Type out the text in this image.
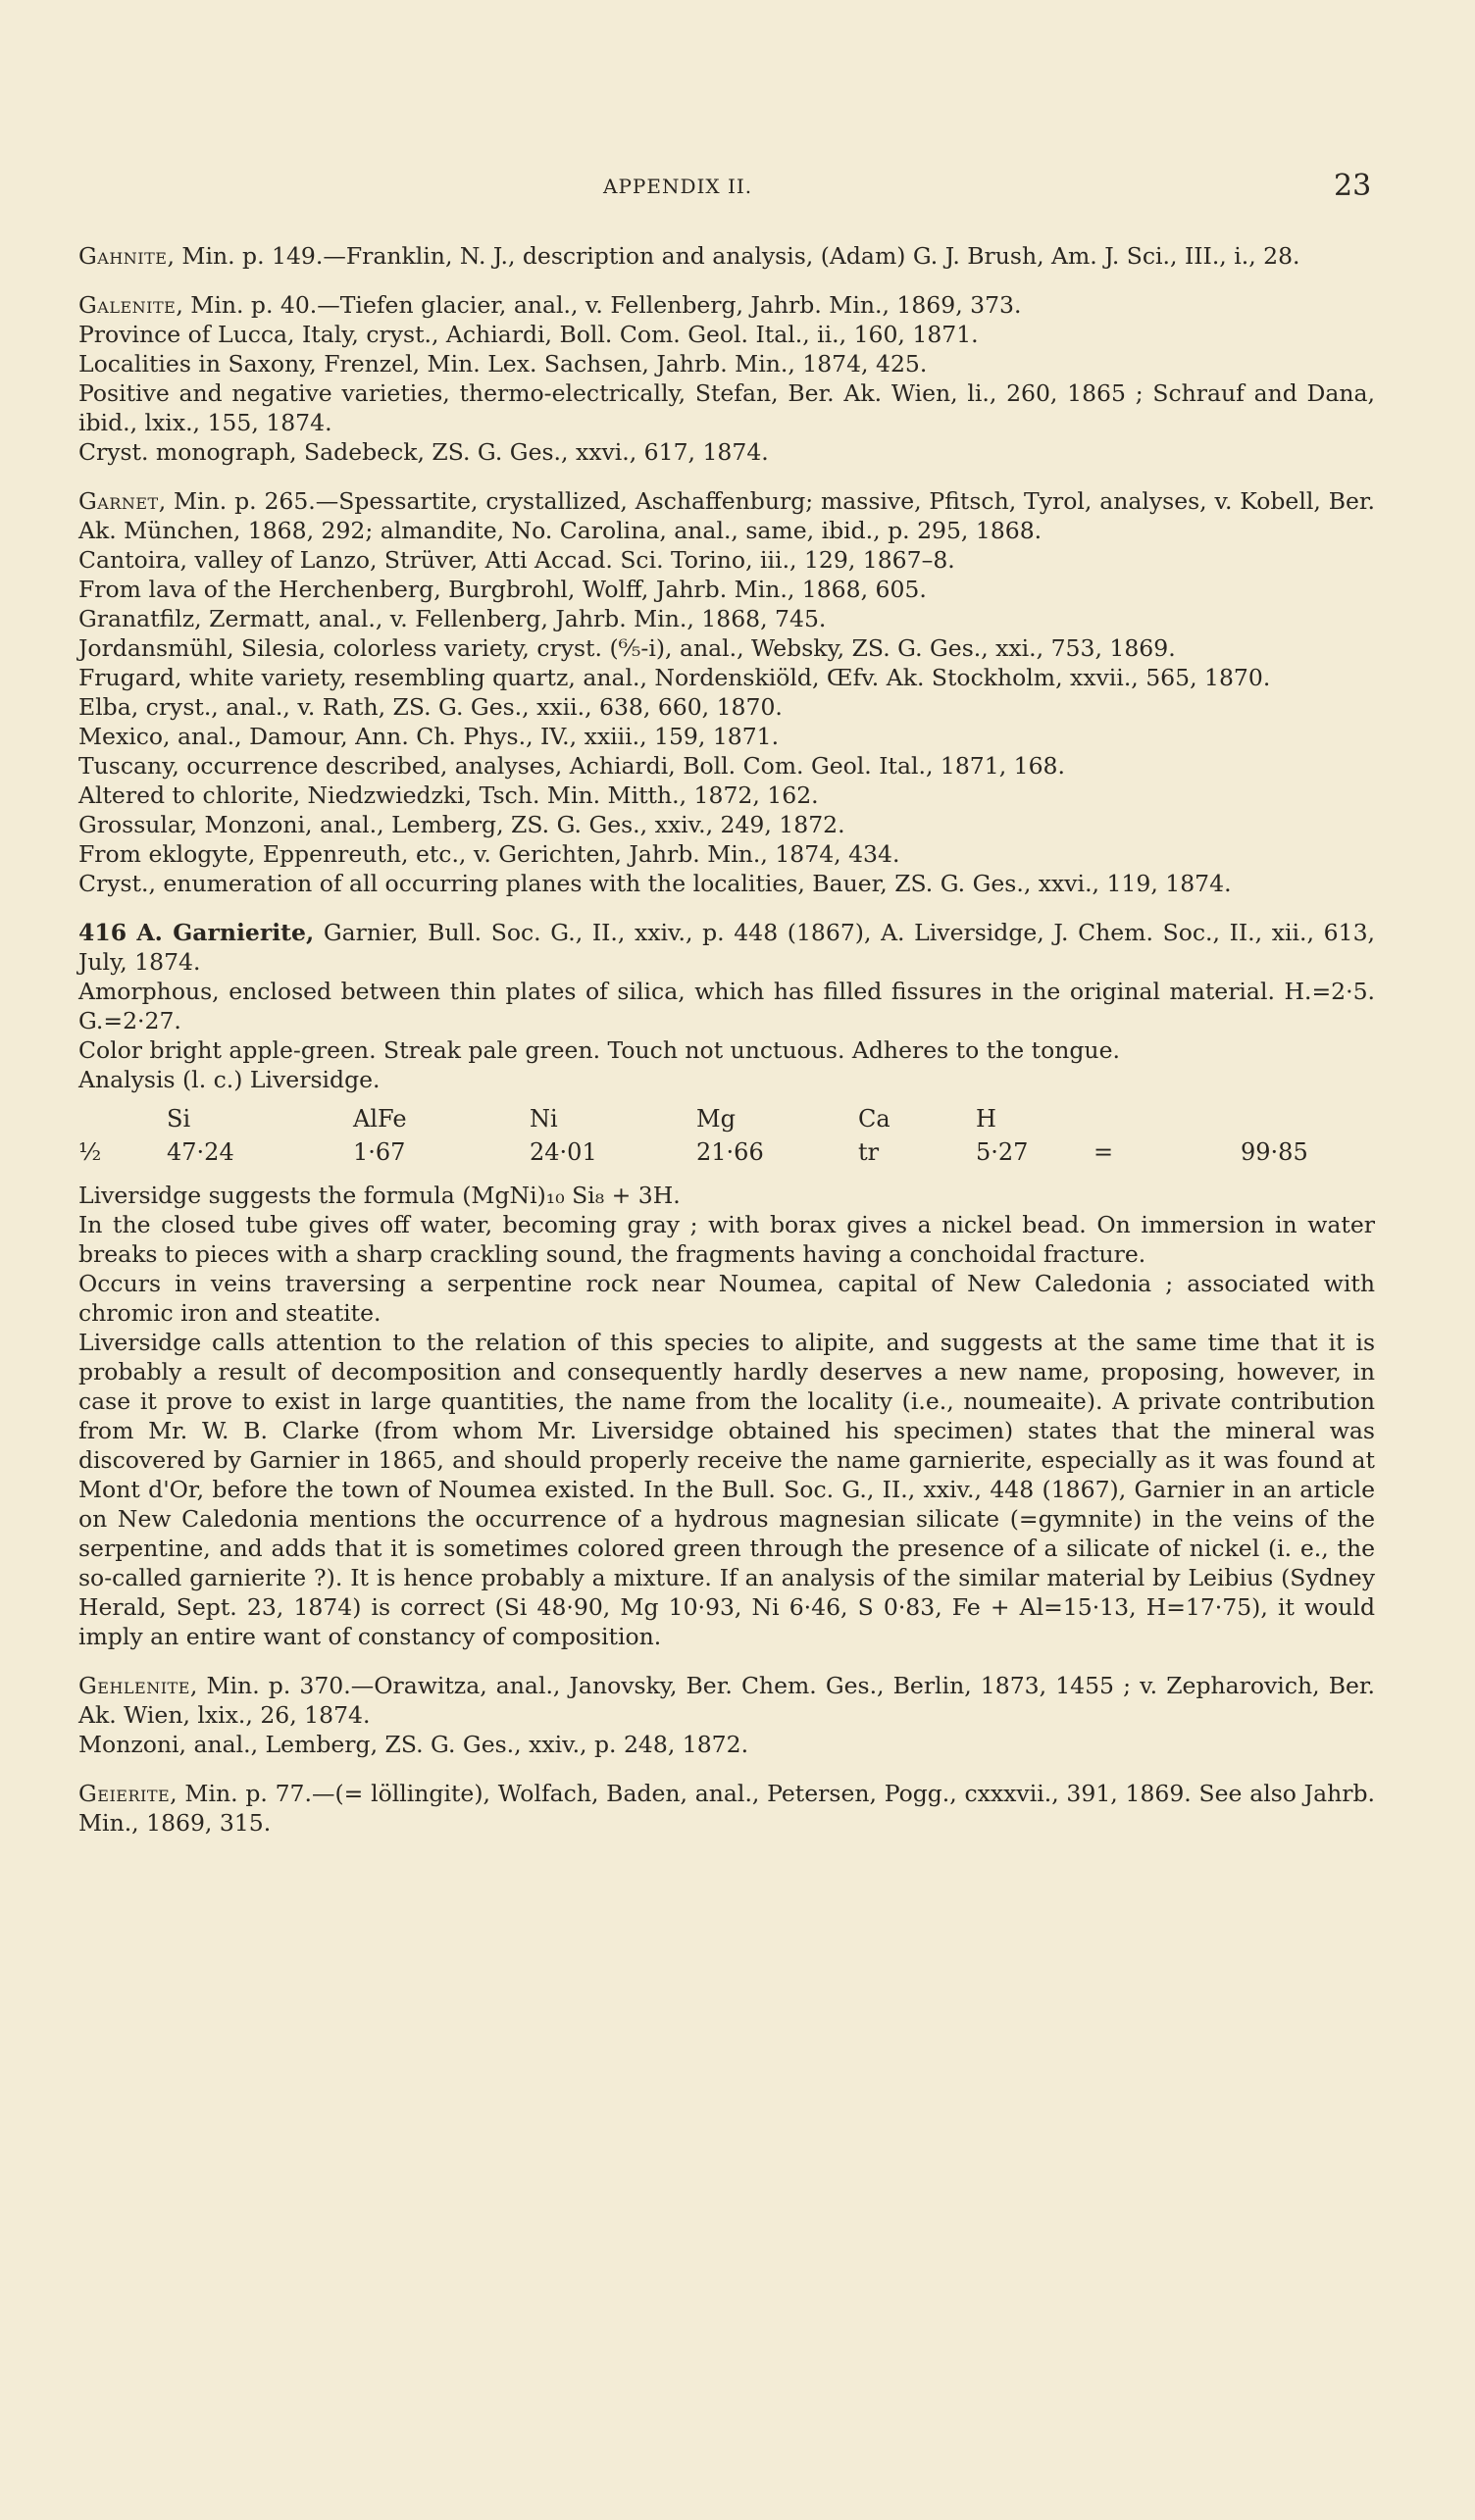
APPENDIX II.	23

Gahnite, Min. p. 149.—Franklin, N. J., description and analysis, (Adam) G. J. Brush, Am. J. Sci., III., i., 28.

Galenite, Min. p. 40.—Tiefen glacier, anal., v. Fellenberg, Jahrb. Min., 1869, 373.

Province of Lucca, Italy, cryst., Achiardi, Boll. Com. Geol. Ital., ii., 160, 1871.

Localities in Saxony, Frenzel, Min. Lex. Sachsen, Jahrb. Min., 1874, 425.

Positive and negative varieties, thermo-electrically, Stefan, Ber. Ak. Wien, li., 260, 1865 ; Schrauf and Dana, ibid., lxix., 155, 1874.

Cryst. monograph, Sadebeck, ZS. G. Ges., xxvi., 617, 1874.

Garnet, Min. p. 265.—Spessartite, crystallized, Aschaffenburg; massive, Pfitsch, Tyrol, analyses, v. Kobell, Ber. Ak. München, 1868, 292; almandite, No. Carolina, anal., same, ibid., p. 295, 1868.

Cantoira, valley of Lanzo, Strüver, Atti Accad. Sci. Torino, iii., 129, 1867–8.

From lava of the Herchenberg, Burgbrohl, Wolff, Jahrb. Min., 1868, 605.

Granatfilz, Zermatt, anal., v. Fellenberg, Jahrb. Min., 1868, 745.

Jordansmühl, Silesia, colorless variety, cryst. (⁶⁄₅-i), anal., Websky, ZS. G. Ges., xxi., 753, 1869.

Frugard, white variety, resembling quartz, anal., Nordenskiöld, Œfv. Ak. Stockholm, xxvii., 565, 1870.

Elba, cryst., anal., v. Rath, ZS. G. Ges., xxii., 638, 660, 1870.

Mexico, anal., Damour, Ann. Ch. Phys., IV., xxiii., 159, 1871.

Tuscany, occurrence described, analyses, Achiardi, Boll. Com. Geol. Ital., 1871, 168.

Altered to chlorite, Niedzwiedzki, Tsch. Min. Mitth., 1872, 162.

Grossular, Monzoni, anal., Lemberg, ZS. G. Ges., xxiv., 249, 1872.

From eklogyte, Eppenreuth, etc., v. Gerichten, Jahrb. Min., 1874, 434.

Cryst., enumeration of all occurring planes with the localities, Bauer, ZS. G. Ges., xxvi., 119, 1874.

416 A. Garnierite, Garnier, Bull. Soc. G., II., xxiv., p. 448 (1867), A. Liversidge, J. Chem. Soc., II., xii., 613, July, 1874.

Amorphous, enclosed between thin plates of silica, which has filled fissures in the original material. H.=2·5. G.=2·27.

Color bright apple-green. Streak pale green. Touch not unctuous. Adheres to the tongue.

Analysis (l. c.) Liversidge.

	Si	AlFe	Ni	Mg	Ca	H		
½	47·24	1·67	24·01	21·66	tr	5·27	=	99·85

Liversidge suggests the formula (MgNi)₁₀ Si₈ + 3H.

In the closed tube gives off water, becoming gray ; with borax gives a nickel bead. On immersion in water breaks to pieces with a sharp crackling sound, the fragments having a conchoidal fracture.

Occurs in veins traversing a serpentine rock near Noumea, capital of New Caledonia ; associated with chromic iron and steatite.

Liversidge calls attention to the relation of this species to alipite, and suggests at the same time that it is probably a result of decomposition and consequently hardly deserves a new name, proposing, however, in case it prove to exist in large quantities, the name from the locality (i.e., noumeaite). A private contribution from Mr. W. B. Clarke (from whom Mr. Liversidge obtained his specimen) states that the mineral was discovered by Garnier in 1865, and should properly receive the name garnierite, especially as it was found at Mont d'Or, before the town of Noumea existed. In the Bull. Soc. G., II., xxiv., 448 (1867), Garnier in an article on New Caledonia mentions the occurrence of a hydrous magnesian silicate (=gymnite) in the veins of the serpentine, and adds that it is sometimes colored green through the presence of a silicate of nickel (i. e., the so-called garnierite ?). It is hence probably a mixture. If an analysis of the similar material by Leibius (Sydney Herald, Sept. 23, 1874) is correct (Si 48·90, Mg 10·93, Ni 6·46, S 0·83, Fe + Al=15·13, H=17·75), it would imply an entire want of constancy of composition.

Gehlenite, Min. p. 370.—Orawitza, anal., Janovsky, Ber. Chem. Ges., Berlin, 1873, 1455 ; v. Zepharovich, Ber. Ak. Wien, lxix., 26, 1874.

Monzoni, anal., Lemberg, ZS. G. Ges., xxiv., p. 248, 1872.

Geierite, Min. p. 77.—(= löllingite), Wolfach, Baden, anal., Petersen, Pogg., cxxxvii., 391, 1869. See also Jahrb. Min., 1869, 315.
